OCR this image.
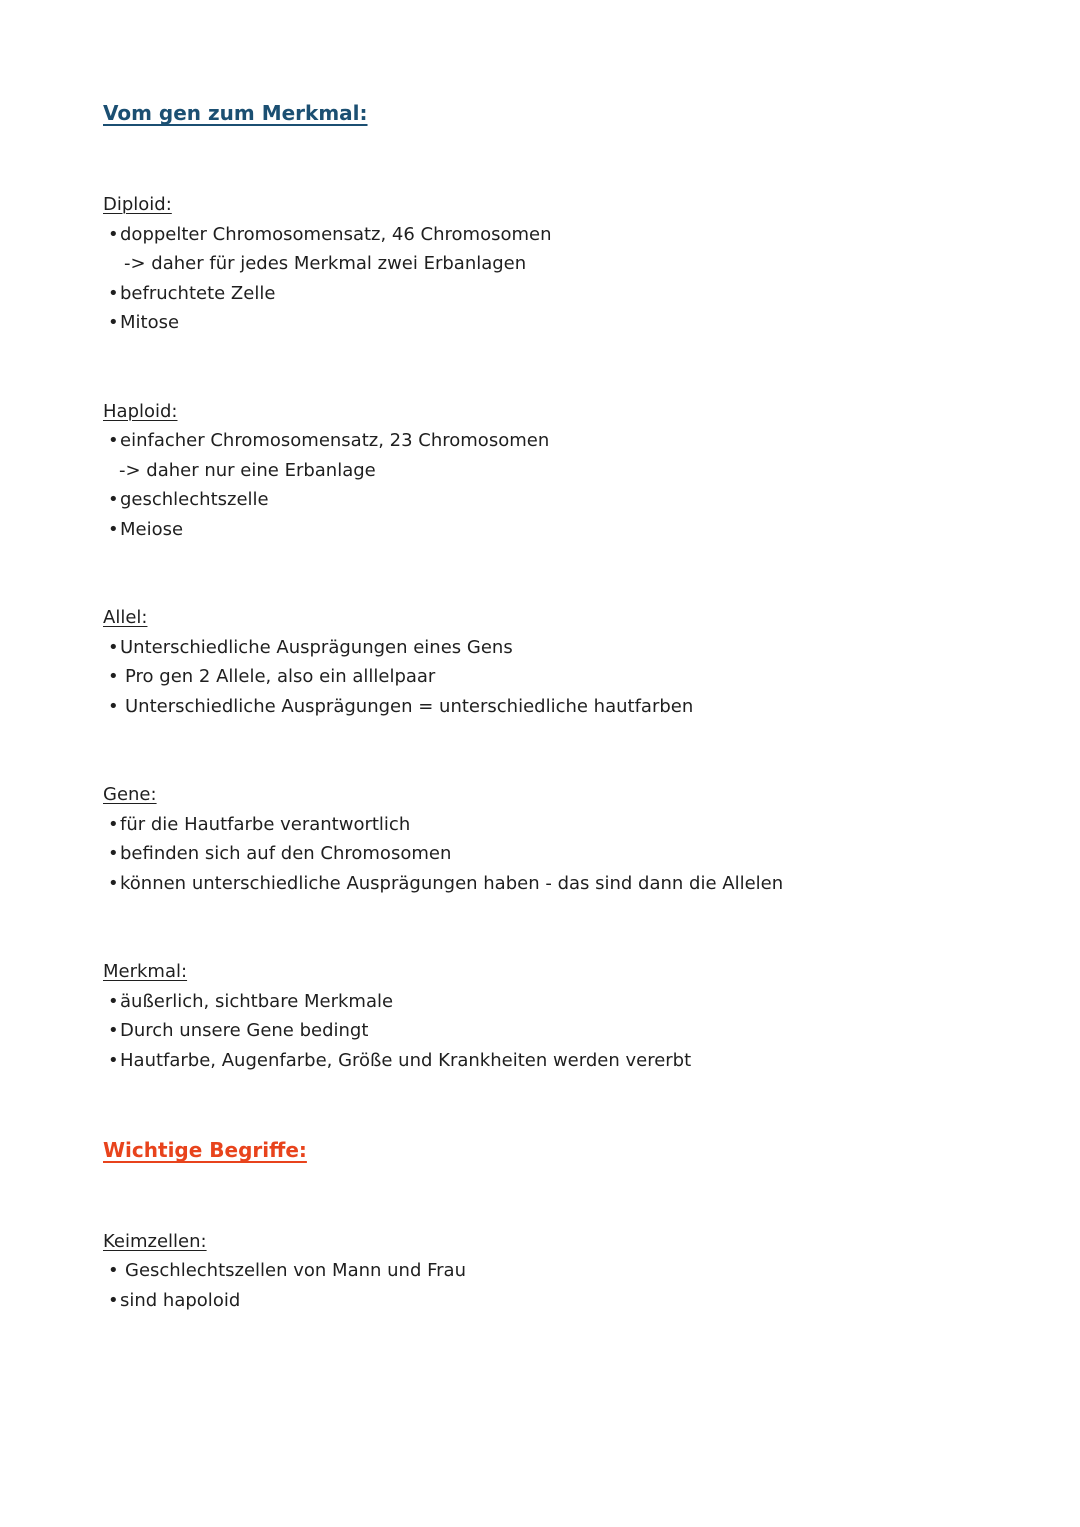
Vom gen zum Merkmal:
Diploid:
•doppelter Chromosomensatz, 46 Chromosomen
-> daher für jedes Merkmal zwei Erbanlagen
•befruchtete Zelle
•Mitose
Haploid:
•einfacher Chromosomensatz, 23 Chromosomen
-> daher nur eine Erbanlage
•geschlechtszelle
•Meiose
Allel:
•Unterschiedliche Ausprägungen eines Gens
• Pro gen 2 Allele, also ein alllelpaar
• Unterschiedliche Ausprägungen = unterschiedliche hautfarben
Gene:
•für die Hautfarbe verantwortlich
•befinden sich auf den Chromosomen
•können unterschiedliche Ausprägungen haben - das sind dann die Allelen
Merkmal:
•äußerlich, sichtbare Merkmale
•Durch unsere Gene bedingt
•Hautfarbe, Augenfarbe, Größe und Krankheiten werden vererbt
Wichtige Begriffe:
Keimzellen:
• Geschlechtszellen von Mann und Frau
•sind hapoloid
